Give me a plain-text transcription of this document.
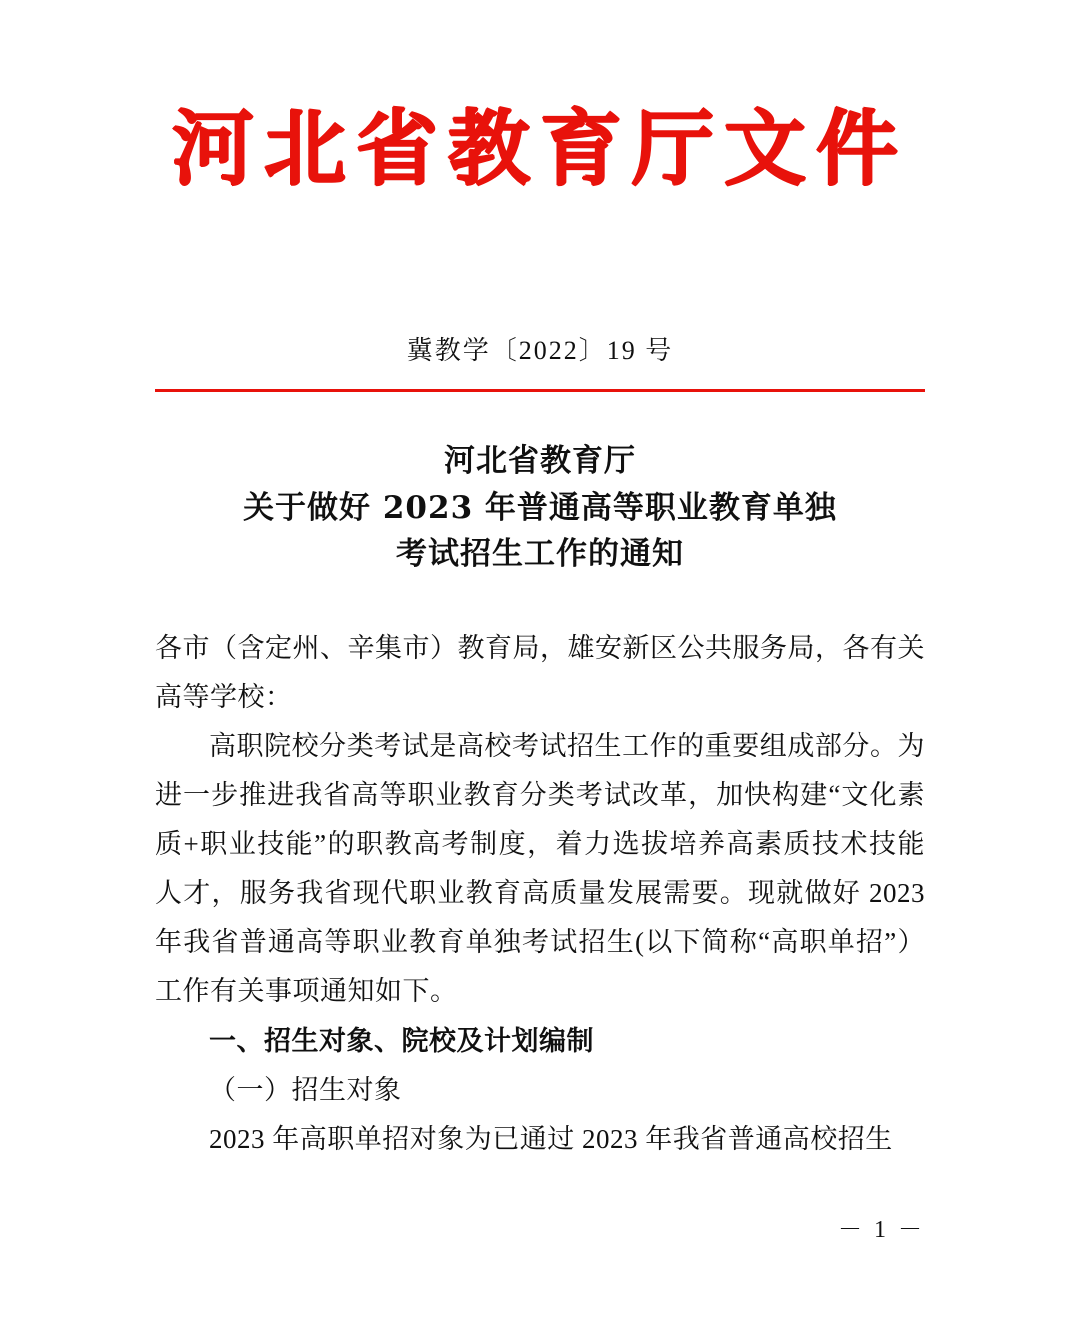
河北省教育厅文件
冀教学〔2022〕19 号
河北省教育厅
关于做好 2023 年普通高等职业教育单独
考试招生工作的通知

各市（含定州、辛集市）教育局，雄安新区公共服务局，各有关高等学校：

高职院校分类考试是高校考试招生工作的重要组成部分。为进一步推进我省高等职业教育分类考试改革，加快构建“文化素质+职业技能”的职教高考制度，着力选拔培养高素质技术技能人才，服务我省现代职业教育高质量发展需要。现就做好 2023 年我省普通高等职业教育单独考试招生(以下简称“高职单招”）工作有关事项通知如下。

一、招生对象、院校及计划编制

（一）招生对象

2023 年高职单招对象为已通过 2023 年我省普通高校招生

－ 1 －
